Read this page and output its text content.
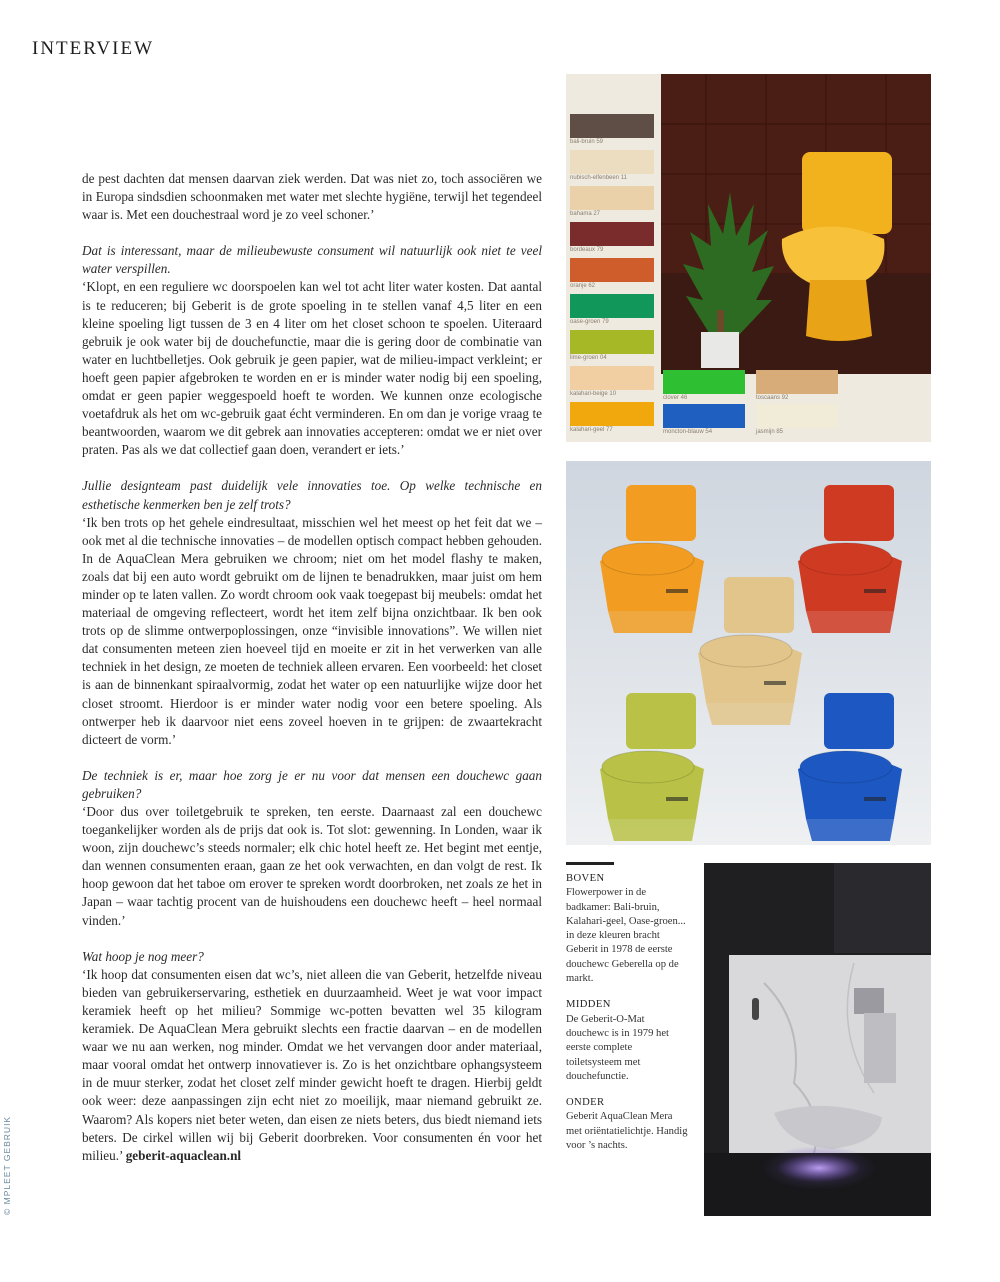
INTERVIEW

de pest dachten dat mensen daarvan ziek werden. Dat was niet zo, toch associëren we in Europa sindsdien schoonmaken met water met slechte hygiëne, terwijl het tegendeel waar is. Met een douchestraal word je zo veel schoner.’

Dat is interessant, maar de milieubewuste consument wil natuurlijk ook niet te veel water verspillen.

‘Klopt, en een reguliere wc doorspoelen kan wel tot acht liter water kosten. Dat aantal is te reduceren; bij Geberit is de grote spoeling in te stellen vanaf 4,5 liter en een kleine spoeling ligt tussen de 3 en 4 liter om het closet schoon te spoelen. Uiteraard gebruik je ook water bij de douchefunctie, maar die is gering door de combinatie van water en luchtbelletjes. Ook gebruik je geen papier, wat de milieu-impact verkleint; er hoeft geen papier afgebroken te worden en er is minder water nodig bij een spoeling, omdat er geen papier weggespoeld hoeft te worden. We kunnen onze ecologische voetafdruk als het om wc-gebruik gaat écht verminderen. En om dan je vorige vraag te beantwoorden, waarom we dit gebrek aan innovaties accepteren: omdat we er niet over praten. Pas als we dat collectief gaan doen, verandert er iets.’

Jullie designteam past duidelijk vele innovaties toe. Op welke technische en esthetische kenmerken ben je zelf trots?

‘Ik ben trots op het gehele eindresultaat, misschien wel het meest op het feit dat we – ook met al die technische innovaties – de modellen optisch compact hebben gehouden. In de AquaClean Mera gebruiken we chroom; niet om het model flashy te maken, zoals dat bij een auto wordt gebruikt om de lijnen te benadrukken, maar juist om hem minder op te laten vallen. Zo wordt chroom ook vaak toegepast bij meubels: omdat het materiaal de omgeving reflecteert, wordt het item zelf bijna onzichtbaar. Ik ben ook trots op de slimme ontwerpoplossingen, onze “invisible innovations”. We willen niet dat consumenten meteen zien hoeveel tijd en moeite er zit in het verwerken van alle techniek in het design, ze moeten de techniek alleen ervaren. Een voorbeeld: het closet is aan de binnenkant spiraalvormig, zodat het water op een natuurlijke wijze door het closet stroomt. Hierdoor is er minder water nodig voor een betere spoeling. Als ontwerper heb ik daarvoor niet eens zoveel hoeven in te grijpen: de zwaartekracht dicteert de vorm.’

De techniek is er, maar hoe zorg je er nu voor dat mensen een douchewc gaan gebruiken?

‘Door dus over toiletgebruik te spreken, ten eerste. Daarnaast zal een douchewc toegankelijker worden als de prijs dat ook is. Tot slot: gewenning. In Londen, waar ik woon, zijn douchewc’s steeds normaler; elk chic hotel heeft ze. Het begint met eentje, dan wennen consumenten eraan, gaan ze het ook verwachten, en dan volgt de rest. Ik hoop gewoon dat het taboe om erover te spreken wordt doorbroken, net zoals ze het in Japan – waar tachtig procent van de huishoudens een douchewc heeft – heel normaal vinden.’

Wat hoop je nog meer?

‘Ik hoop dat consumenten eisen dat wc’s, niet alleen die van Geberit, hetzelfde niveau bieden van gebruikerservaring, esthetiek en duurzaamheid. Weet je wat voor impact keramiek heeft op het milieu? Sommige wc-potten bevatten wel 35 kilogram keramiek. De AquaClean Mera gebruikt slechts een fractie daarvan – en de modellen waar we nu aan werken, nog minder. Omdat we het vervangen door ander materiaal, maar vooral omdat het ontwerp innovatiever is. Zo is het onzichtbare ophangsysteem in de muur sterker, zodat het closet zelf minder gewicht hoeft te dragen. Hierbij geldt ook weer: deze aanpassingen zijn echt niet zo moeilijk, maar niemand gebruikt ze. Waarom? Als kopers niet beter weten, dan eisen ze niets beters, dus biedt niemand iets beters. De cirkel willen wij bij Geberit doorbreken. Voor consumenten én voor het milieu.’ geberit-aquaclean.nl

bali-bruin 59
nubisch-elfenbeen 11
bahama 27
bordeaux 79
oranje 62
oase-groen 79
lime-groen 04
kalahari-beige 10
kalahari-geel 77
clover 46	toscaans 92
moncton-blauw 54	jasmijn 85
BOVEN
Flowerpower in de badkamer: Bali-bruin, Kalahari-geel, Oase-groen... in deze kleuren bracht Geberit in 1978 de eerste douchewc Geberella op de markt.
MIDDEN
De Geberit-O-Mat douchewc is in 1979 het eerste complete toiletsysteem met douchefunctie.
ONDER
Geberit AquaClean Mera met oriëntatielichtje. Handig voor ’s nachts.
© MPLEET GEBRUIK
